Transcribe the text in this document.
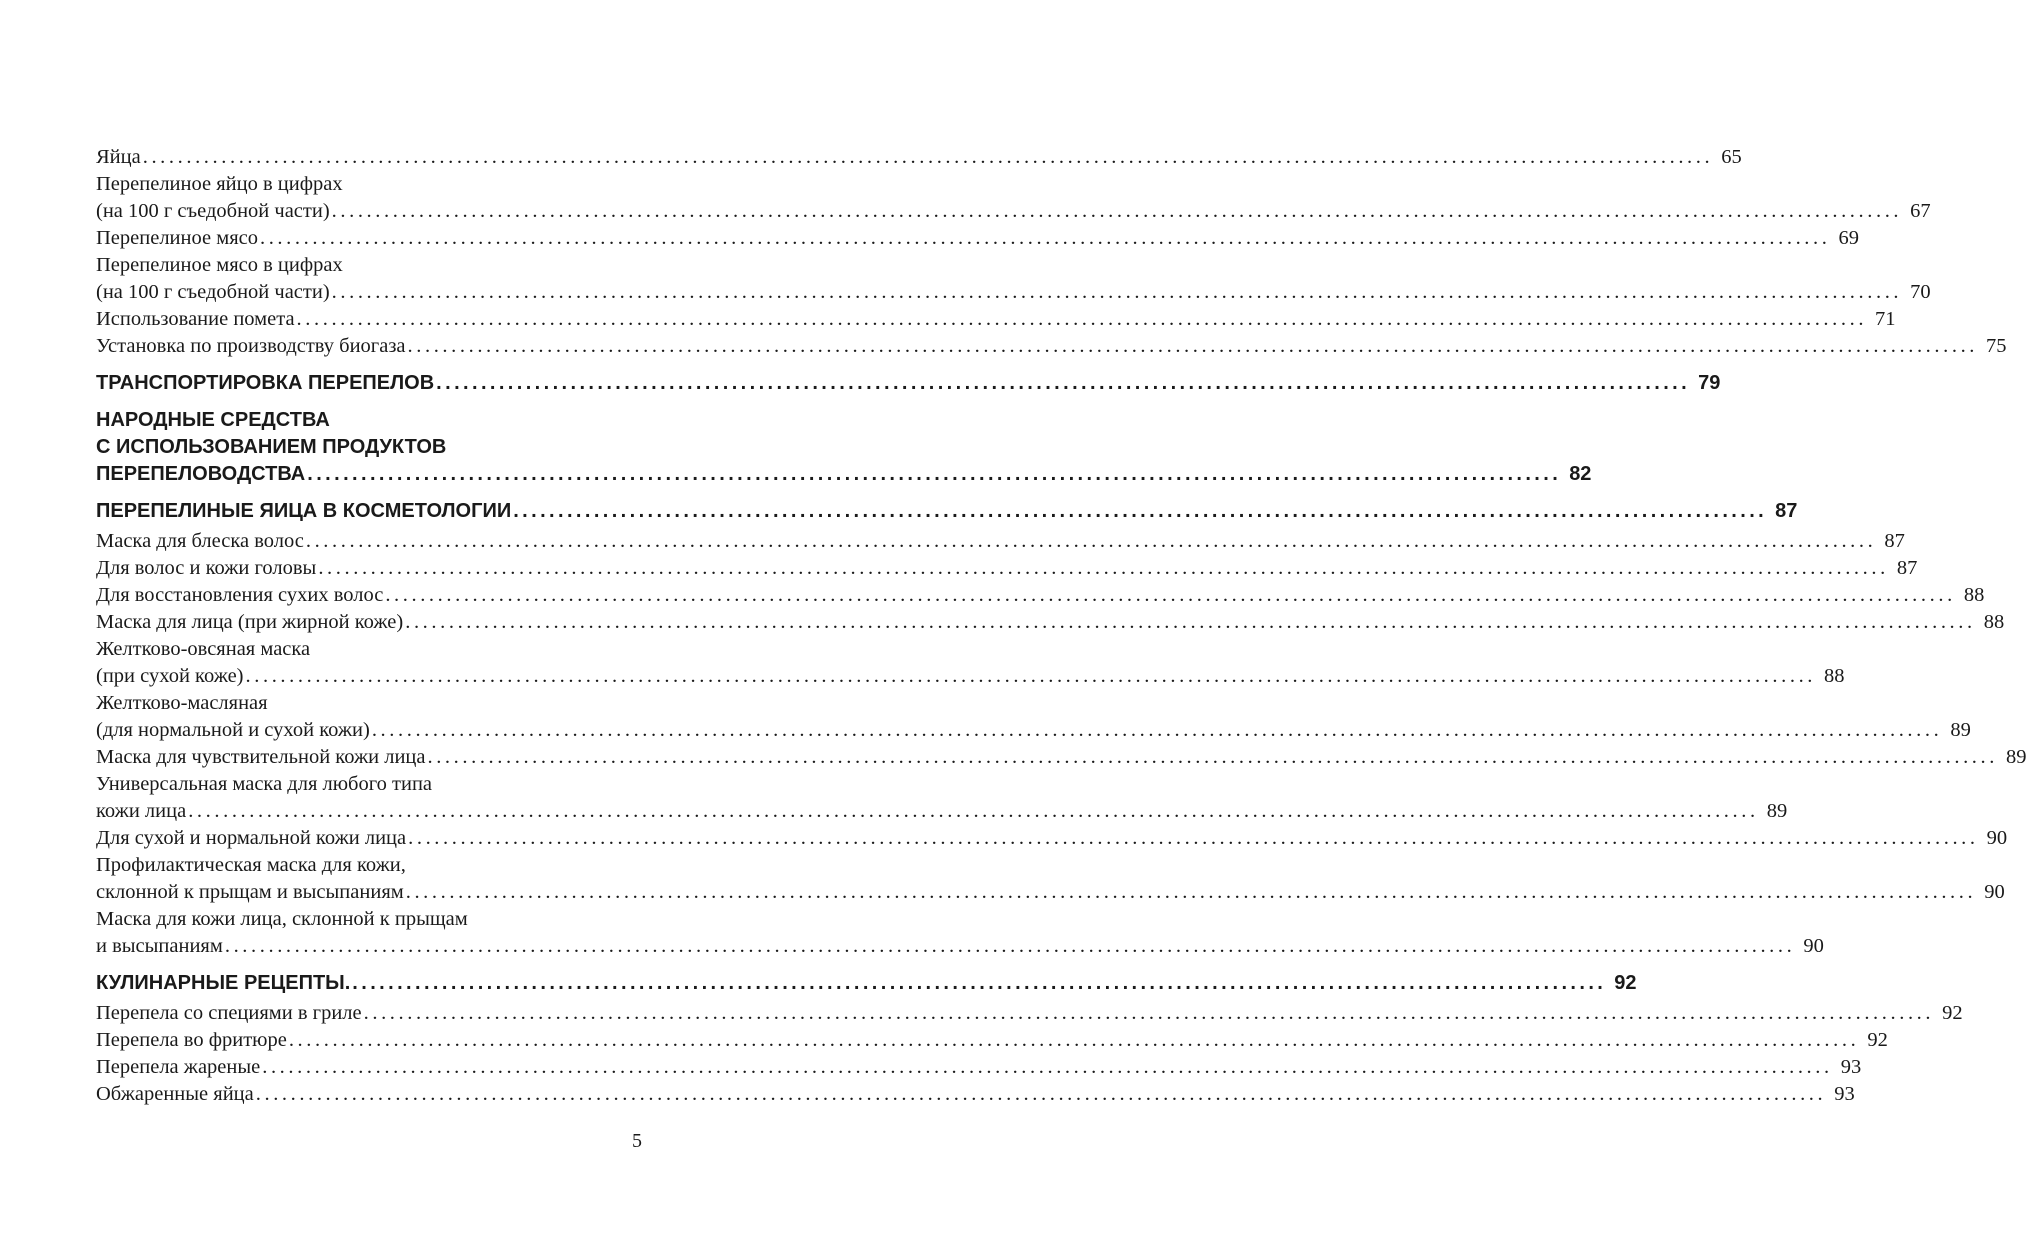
Яйца .....	65
Перепелиное яйцо в цифрах
(на 100 г съедобной части) .....	67
Перепелиное мясо .....	69
Перепелиное мясо в цифрах
(на 100 г съедобной части) .....	70
Использование помета .....	71
Установка по производству биогаза .....	75
ТРАНСПОРТИРОВКА ПЕРЕПЕЛОВ .....	79
НАРОДНЫЕ СРЕДСТВА
С ИСПОЛЬЗОВАНИЕМ ПРОДУКТОВ
ПЕРЕПЕЛОВОДСТВА .....	82
ПЕРЕПЕЛИНЫЕ ЯИЦА В КОСМЕТОЛОГИИ .....	87
Маска для блеска волос .....	87
Для волос и кожи головы .....	87
Для восстановления сухих волос .....	88
Маска для лица (при жирной коже) .....	88
Желтково-овсяная маска
(при сухой коже) .....	88
Желтково-масляная
(для нормальной и сухой кожи) .....	89
Маска для чувствительной кожи лица .....	89
Универсальная маска для любого типа
кожи лица .....	89
Для сухой и нормальной кожи лица .....	90
Профилактическая маска для кожи,
склонной к прыщам и высыпаниям .....	90
Маска для кожи лица, склонной к прыщам
и высыпаниям .....	90
КУЛИНАРНЫЕ РЕЦЕПТЫ. .....	92
Перепела со специями в гриле .....	92
Перепела во фритюре .....	92
Перепела жареные .....	93
Обжаренные яйца .....	93
5
